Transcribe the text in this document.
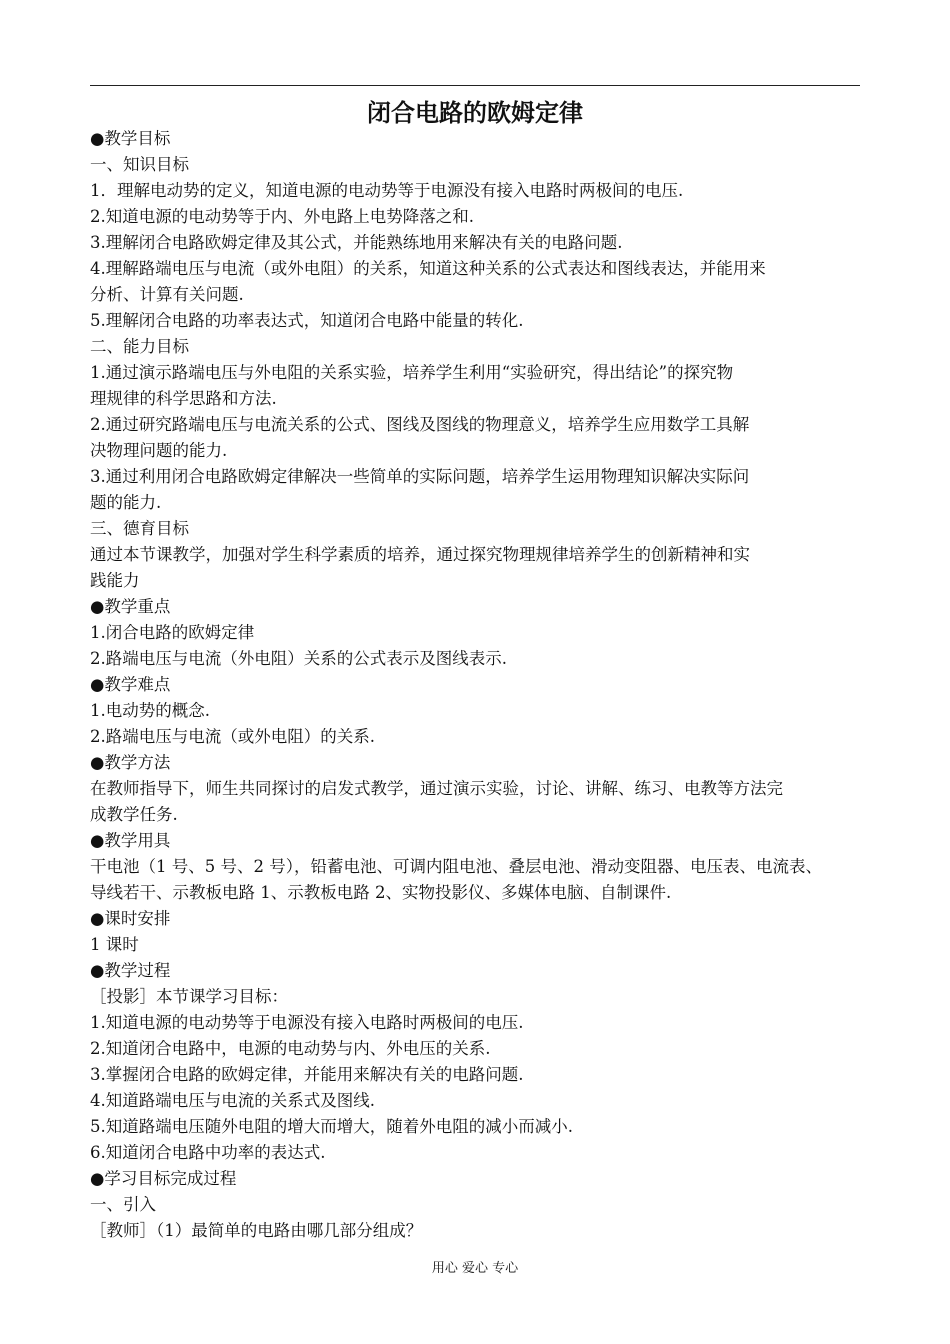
闭合电路的欧姆定律
●教学目标
一、知识目标
1．理解电动势的定义，知道电源的电动势等于电源没有接入电路时两极间的电压.
2.知道电源的电动势等于内、外电路上电势降落之和.
3.理解闭合电路欧姆定律及其公式，并能熟练地用来解决有关的电路问题.
4.理解路端电压与电流（或外电阻）的关系，知道这种关系的公式表达和图线表达，并能用来
分析、计算有关问题.
5.理解闭合电路的功率表达式，知道闭合电路中能量的转化.
二、能力目标
1.通过演示路端电压与外电阻的关系实验，培养学生利用“实验研究，得出结论”的探究物
理规律的科学思路和方法.
2.通过研究路端电压与电流关系的公式、图线及图线的物理意义，培养学生应用数学工具解
决物理问题的能力.
3.通过利用闭合电路欧姆定律解决一些简单的实际问题，培养学生运用物理知识解决实际问
题的能力.
三、德育目标
通过本节课教学，加强对学生科学素质的培养，通过探究物理规律培养学生的创新精神和实
践能力
●教学重点
1.闭合电路的欧姆定律
2.路端电压与电流（外电阻）关系的公式表示及图线表示.
●教学难点
1.电动势的概念.
2.路端电压与电流（或外电阻）的关系.
●教学方法
在教师指导下，师生共同探讨的启发式教学，通过演示实验，讨论、讲解、练习、电教等方法完
成教学任务.
●教学用具
干电池（1 号、5 号、2 号），铅蓄电池、可调内阻电池、叠层电池、滑动变阻器、电压表、电流表、
导线若干、示教板电路 1、示教板电路 2、实物投影仪、多媒体电脑、自制课件.
●课时安排
1 课时
●教学过程
［投影］本节课学习目标：
1.知道电源的电动势等于电源没有接入电路时两极间的电压.
2.知道闭合电路中，电源的电动势与内、外电压的关系.
3.掌握闭合电路的欧姆定律，并能用来解决有关的电路问题.
4.知道路端电压与电流的关系式及图线.
5.知道路端电压随外电阻的增大而增大，随着外电阻的减小而减小.
6.知道闭合电路中功率的表达式.
●学习目标完成过程
一、引入
［教师］（1）最简单的电路由哪几部分组成？
用心 爱心 专心
